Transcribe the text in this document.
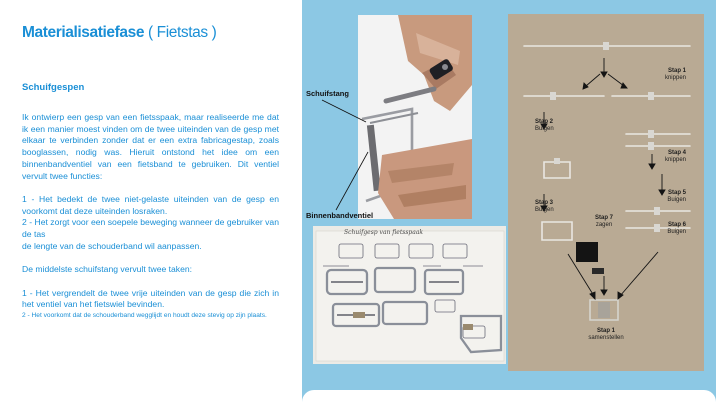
Materialisatiefase ( Fietstas )
Schuifgespen

Ik ontwierp een gesp van een fietsspaak, maar realiseerde me dat ik een manier moest vinden om de twee uiteinden van de gesp met elkaar te verbinden zonder dat er een extra fabricagestap, zoals booglassen, nodig was. Hieruit ontstond het idee om een binnenbandventiel van een fietsband te gebruiken. Dit ventiel vervult twee functies:

1 - Het bedekt de twee niet-gelaste uiteinden van de gesp en voorkomt dat deze uiteinden losraken.

2 - Het zorgt voor een soepele beweging wanneer de gebruiker van de tas

de lengte van de schouderband wil aanpassen.

De middelste schuifstang vervult twee taken:

1 - Het vergrendelt de twee vrije uiteinden van de gesp die zich in het ventiel van het fietswiel bevinden.

2 - Het voorkomt dat de schouderband wegglijdt en houdt deze stevig op zijn plaats.

Schuifstang
Binnenbandventiel
Schuifgesp van fietsspaak
Stap 1
knippen
Stap 2
Buigen
Stap 4
knippen
Stap 5
Buigen
Stap 3
Buigen
Stap 7
zagen	Stap 6
Buigen
Stap 1
samenstellen
